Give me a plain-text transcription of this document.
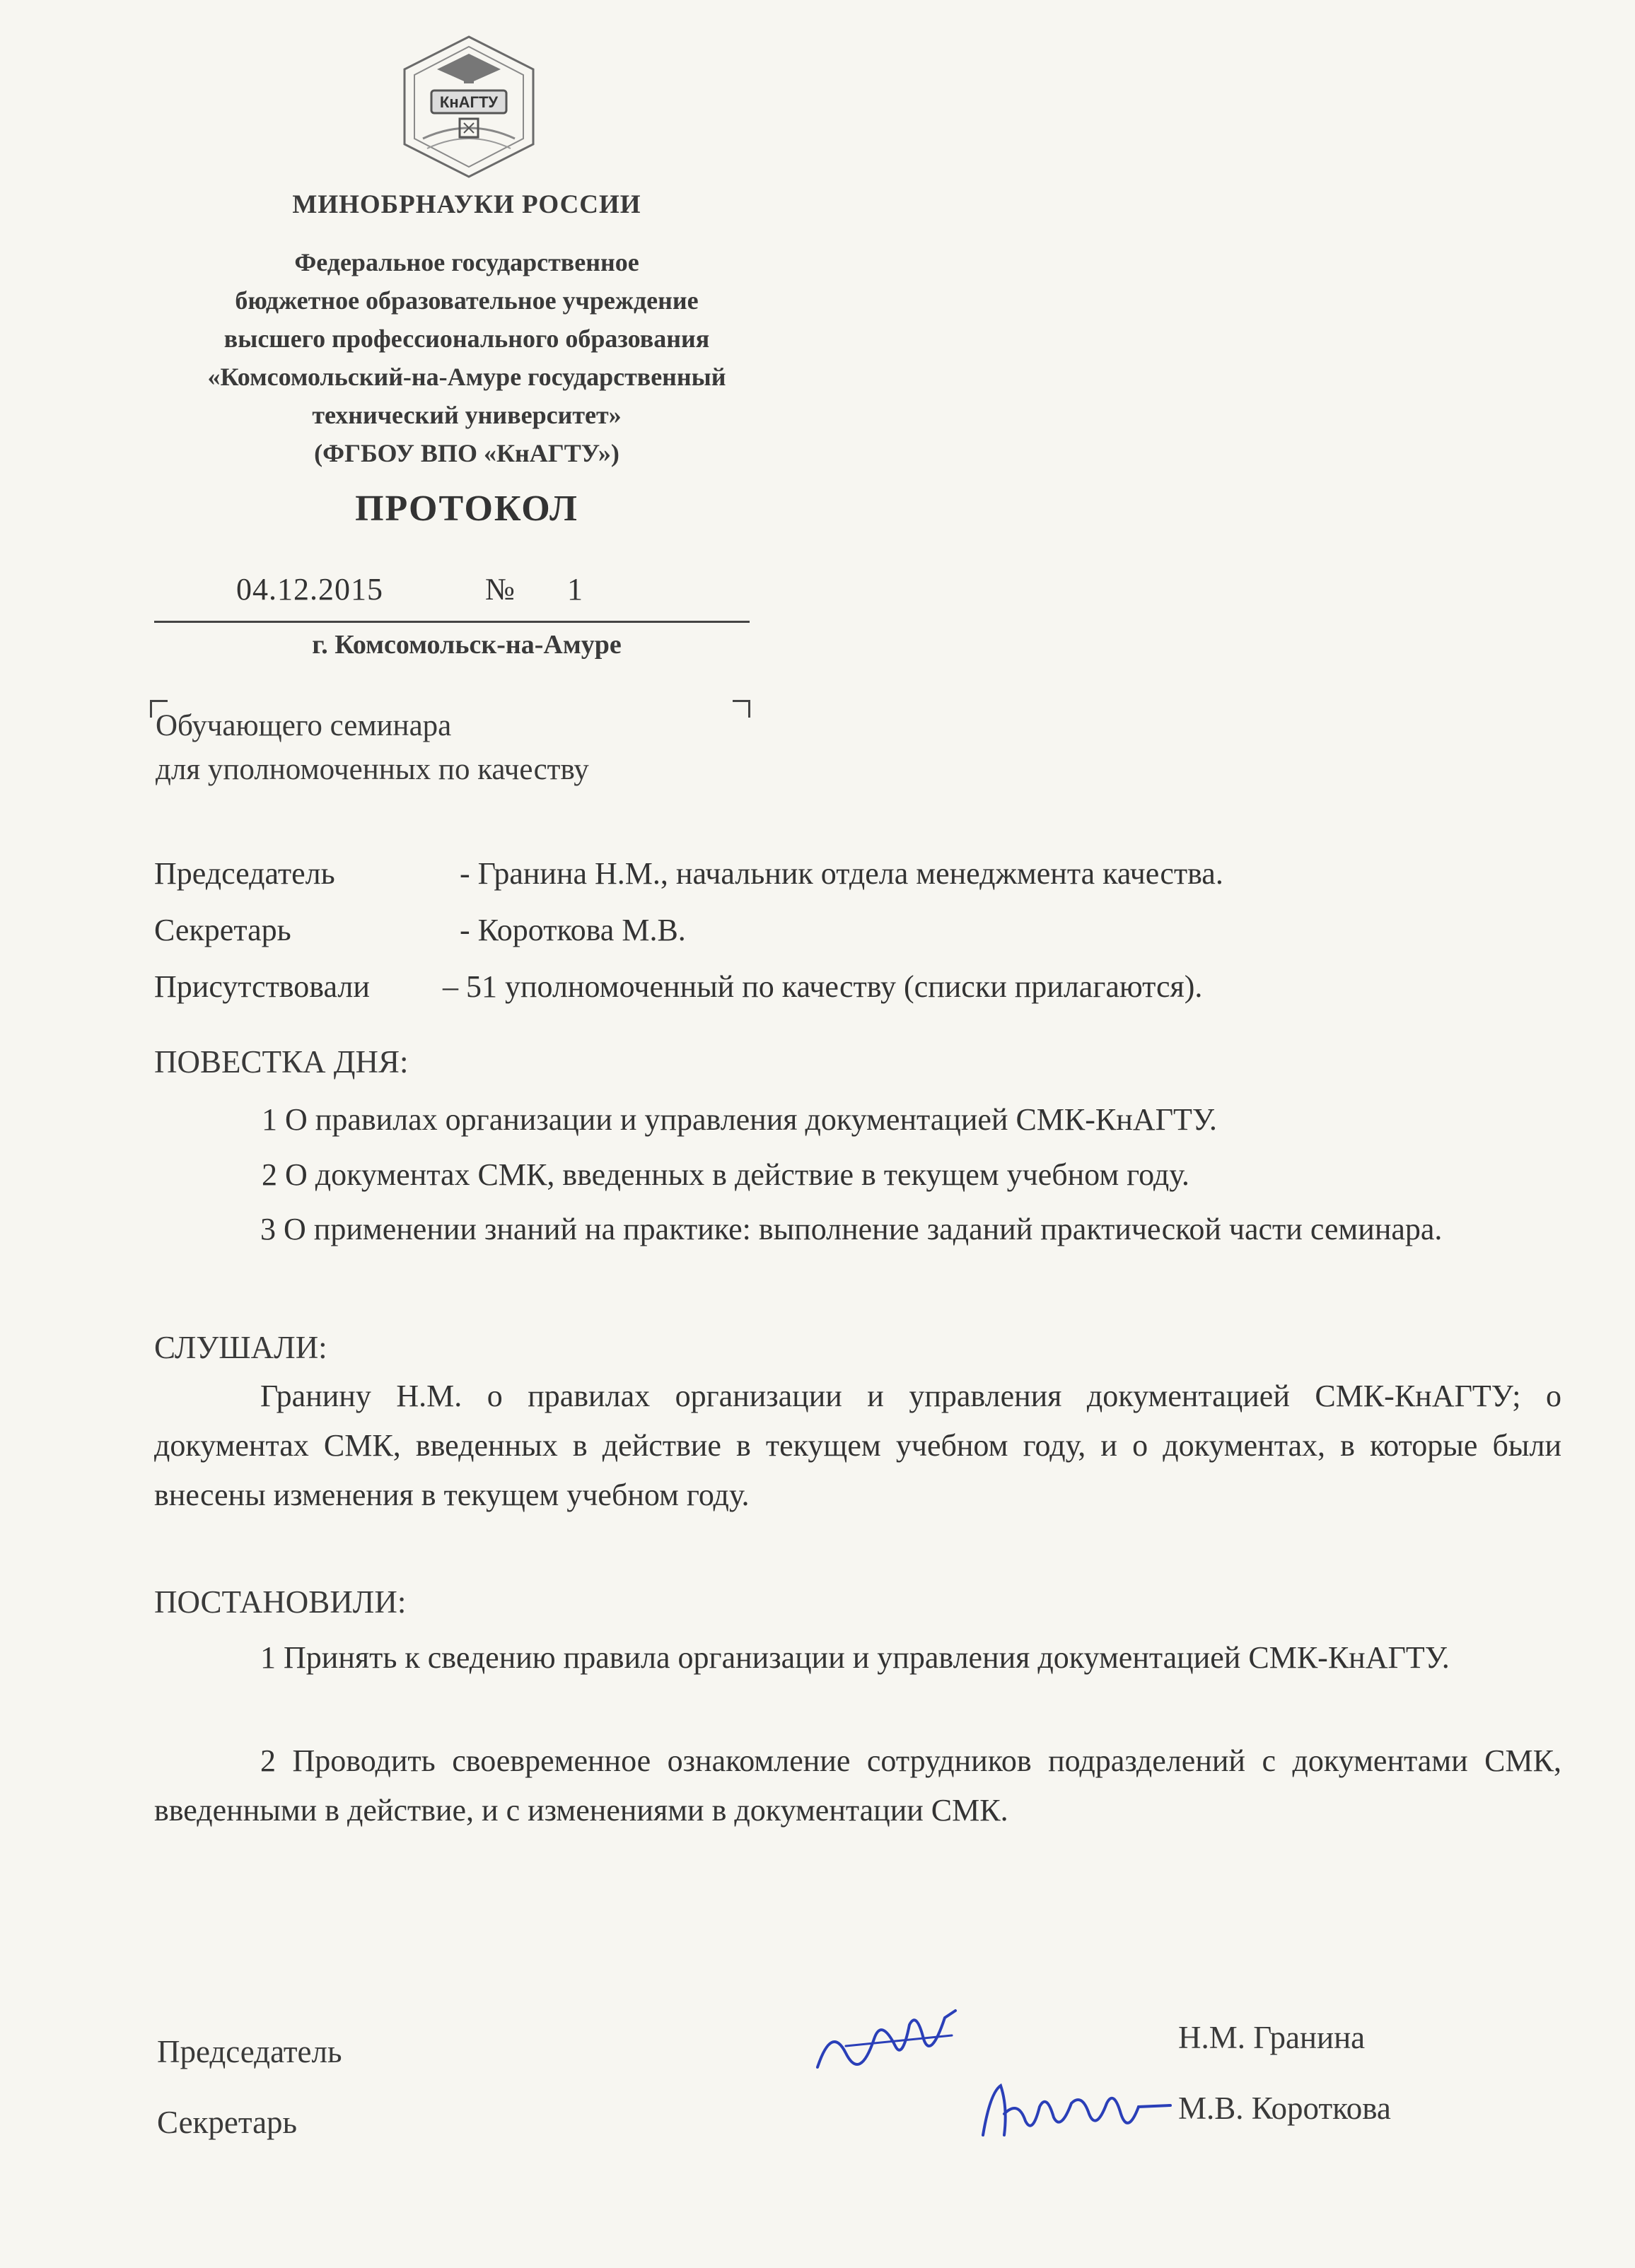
КнАГТУ
МИНОБРНАУКИ РОССИИ
Федеральное государственное
бюджетное образовательное учреждение
высшего профессионального образования
«Комсомольский-на-Амуре государственный
технический университет»
(ФГБОУ ВПО «КнАГТУ»)
ПРОТОКОЛ
04.12.2015	№ 1
г. Комсомольск-на-Амуре
Обучающего семинара
для уполномоченных по качеству
Председатель	- Гранина Н.М., начальник отдела менеджмента качества.
Секретарь	- Короткова М.В.
Присутствовали – 51 уполномоченный по качеству (списки прилагаются).
ПОВЕСТКА ДНЯ:
1 О правилах организации и управления документацией СМК-КнАГТУ.
2 О документах СМК, введенных в действие в текущем учебном году.
3 О применении знаний на практике: выполнение заданий практической части семинара.
СЛУШАЛИ:
Гранину Н.М. о правилах организации и управления документацией СМК-КнАГТУ; о документах СМК, введенных в действие в текущем учебном году, и о документах, в которые были внесены изменения в текущем учебном году.
ПОСТАНОВИЛИ:
1 Принять к сведению правила организации и управления документацией СМК-КнАГТУ.
2 Проводить своевременное ознакомление сотрудников подразделений с документами СМК, введенными в действие, и с изменениями в документации СМК.
Председатель	Н.М. Гранина
Секретарь	М.В. Короткова
